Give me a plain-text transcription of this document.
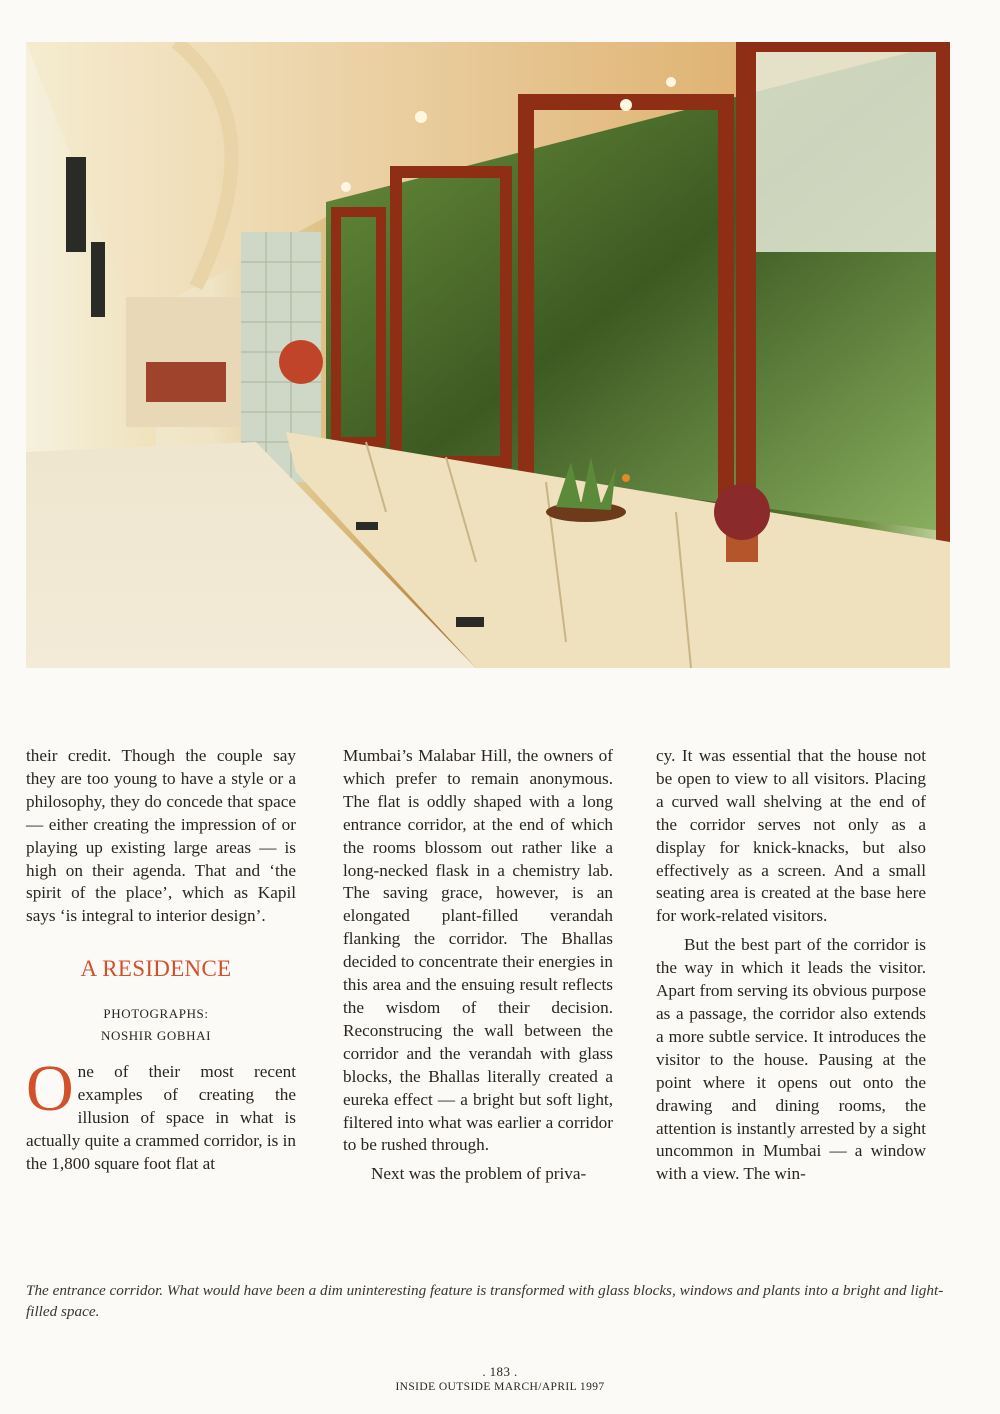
their credit. Though the couple say they are too young to have a style or a philosophy, they do concede that space — either creating the impression of or playing up existing large areas — is high on their agenda. That and ‘the spirit of the place’, which as Kapil says ‘is integral to interior design’.

A RESIDENCE
PHOTOGRAPHS:
NOSHIR GOBHAI
O ne of their most recent examples of creating the illusion of space in what is actually quite a crammed corridor, is in the 1,800 square foot flat at

Mumbai’s Malabar Hill, the owners of which prefer to remain anonymous. The flat is oddly shaped with a long entrance corridor, at the end of which the rooms blossom out rather like a long-necked flask in a chemistry lab. The saving grace, however, is an elongated plant-filled verandah flanking the corridor. The Bhallas decided to concentrate their energies in this area and the ensuing result reflects the wisdom of their decision. Reconstrucing the wall between the corridor and the verandah with glass blocks, the Bhallas literally created a eureka effect — a bright but soft light, filtered into what was earlier a corridor to be rushed through.

Next was the problem of priva-

cy. It was essential that the house not be open to view to all visitors. Placing a curved wall shelving at the end of the corridor serves not only as a display for knick-knacks, but also effectively as a screen. And a small seating area is created at the base here for work-related visitors.

But the best part of the corridor is the way in which it leads the visitor. Apart from serving its obvious purpose as a passage, the corridor also extends a more subtle service. It introduces the visitor to the house. Pausing at the point where it opens out onto the drawing and dining rooms, the attention is instantly arrested by a sight uncommon in Mumbai — a window with a view. The win-

The entrance corridor. What would have been a dim uninteresting feature is transformed with glass blocks, windows and plants into a bright and light-filled space.
. 183 .
INSIDE OUTSIDE MARCH/APRIL 1997
